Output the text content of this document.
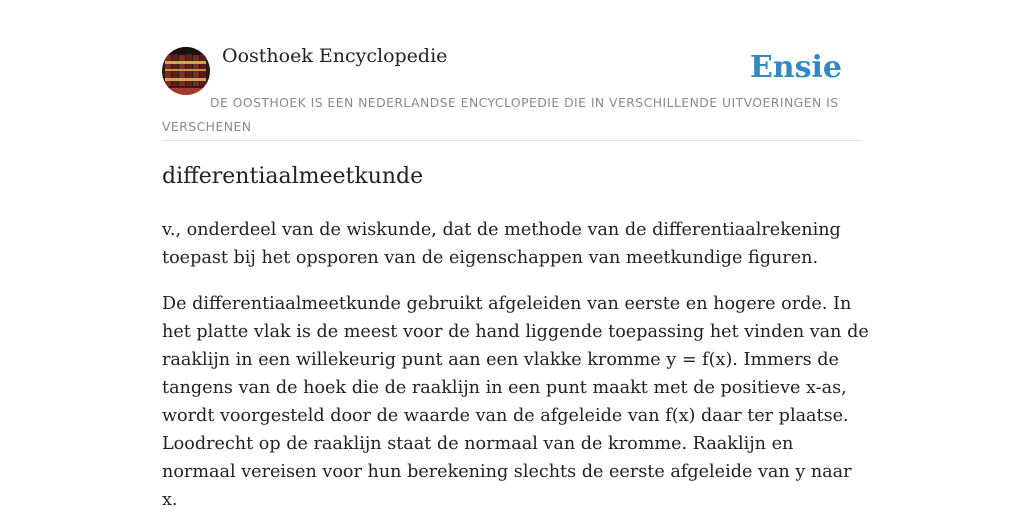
Oosthoek Encyclopedie	Ensie
DE OOSTHOEK IS EEN NEDERLANDSE ENCYCLOPEDIE DIE IN VERSCHILLENDE UITVOERINGEN IS VERSCHENEN
differentiaalmeetkunde

v., onderdeel van de wiskunde, dat de methode van de differentiaalrekening toepast bij het opsporen van de eigenschappen van meetkundige figuren.

De differentiaalmeetkunde gebruikt afgeleiden van eerste en hogere orde. In het platte vlak is de meest voor de hand liggende toepassing het vinden van de raaklijn in een willekeurig punt aan een vlakke kromme y = f(x). Immers de tangens van de hoek die de raaklijn in een punt maakt met de positieve x-as, wordt voorgesteld door de waarde van de afgeleide van f(x) daar ter plaatse. Loodrecht op de raaklijn staat de normaal van de kromme. Raaklijn en normaal vereisen voor hun berekening slechts de eerste afgeleide van y naar x.
